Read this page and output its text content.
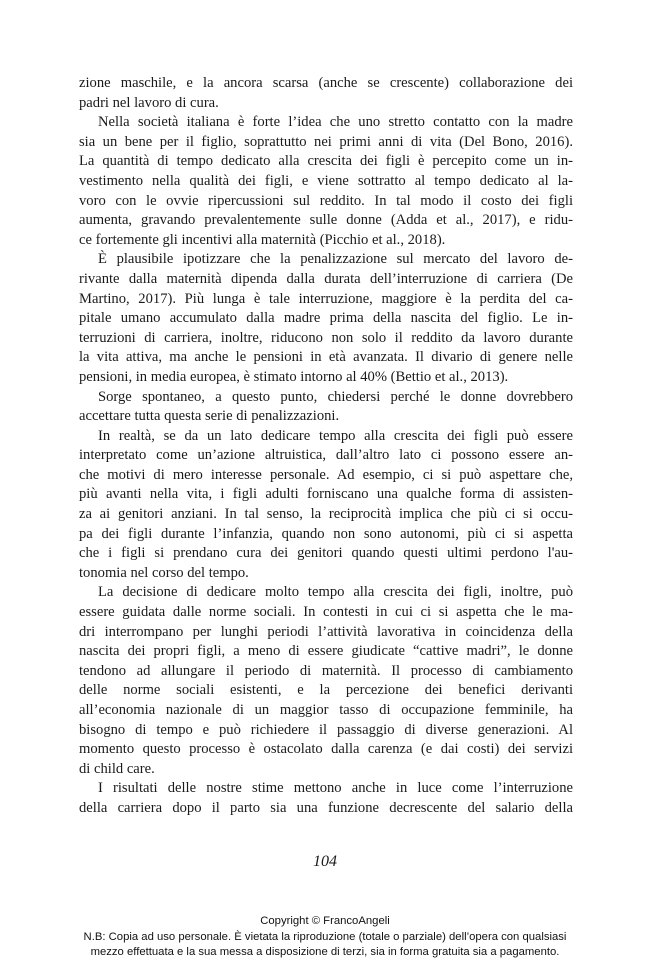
zione maschile, e la ancora scarsa (anche se crescente) collaborazione dei
padri nel lavoro di cura.
Nella società italiana è forte l’idea che uno stretto contatto con la madre
sia un bene per il figlio, soprattutto nei primi anni di vita (Del Bono, 2016).
La quantità di tempo dedicato alla crescita dei figli è percepito come un in-
vestimento nella qualità dei figli, e viene sottratto al tempo dedicato al la-
voro con le ovvie ripercussioni sul reddito. In tal modo il costo dei figli
aumenta, gravando prevalentemente sulle donne (Adda et al., 2017), e ridu-
ce fortemente gli incentivi alla maternità (Picchio et al., 2018).
È plausibile ipotizzare che la penalizzazione sul mercato del lavoro de-
rivante dalla maternità dipenda dalla durata dell’interruzione di carriera (De
Martino, 2017). Più lunga è tale interruzione, maggiore è la perdita del ca-
pitale umano accumulato dalla madre prima della nascita del figlio. Le in-
terruzioni di carriera, inoltre, riducono non solo il reddito da lavoro durante
la vita attiva, ma anche le pensioni in età avanzata. Il divario di genere nelle
pensioni, in media europea, è stimato intorno al 40% (Bettio et al., 2013).
Sorge spontaneo, a questo punto, chiedersi perché le donne dovrebbero
accettare tutta questa serie di penalizzazioni.
In realtà, se da un lato dedicare tempo alla crescita dei figli può essere
interpretato come un’azione altruistica, dall’altro lato ci possono essere an-
che motivi di mero interesse personale. Ad esempio, ci si può aspettare che,
più avanti nella vita, i figli adulti forniscano una qualche forma di assisten-
za ai genitori anziani. In tal senso, la reciprocità implica che più ci si occu-
pa dei figli durante l’infanzia, quando non sono autonomi, più ci si aspetta
che i figli si prendano cura dei genitori quando questi ultimi perdono l'au-
tonomia nel corso del tempo.
La decisione di dedicare molto tempo alla crescita dei figli, inoltre, può
essere guidata dalle norme sociali. In contesti in cui ci si aspetta che le ma-
dri interrompano per lunghi periodi l’attività lavorativa in coincidenza della
nascita dei propri figli, a meno di essere giudicate “cattive madri”, le donne
tendono ad allungare il periodo di maternità. Il processo di cambiamento
delle norme sociali esistenti, e la percezione dei benefici derivanti
all’economia nazionale di un maggior tasso di occupazione femminile, ha
bisogno di tempo e può richiedere il passaggio di diverse generazioni. Al
momento questo processo è ostacolato dalla carenza (e dai costi) dei servizi
di child care.
I risultati delle nostre stime mettono anche in luce come l’interruzione
della carriera dopo il parto sia una funzione decrescente del salario della
104
Copyright © FrancoAngeli
N.B: Copia ad uso personale. È vietata la riproduzione (totale o parziale) dell’opera con qualsiasi
mezzo effettuata e la sua messa a disposizione di terzi, sia in forma gratuita sia a pagamento.
